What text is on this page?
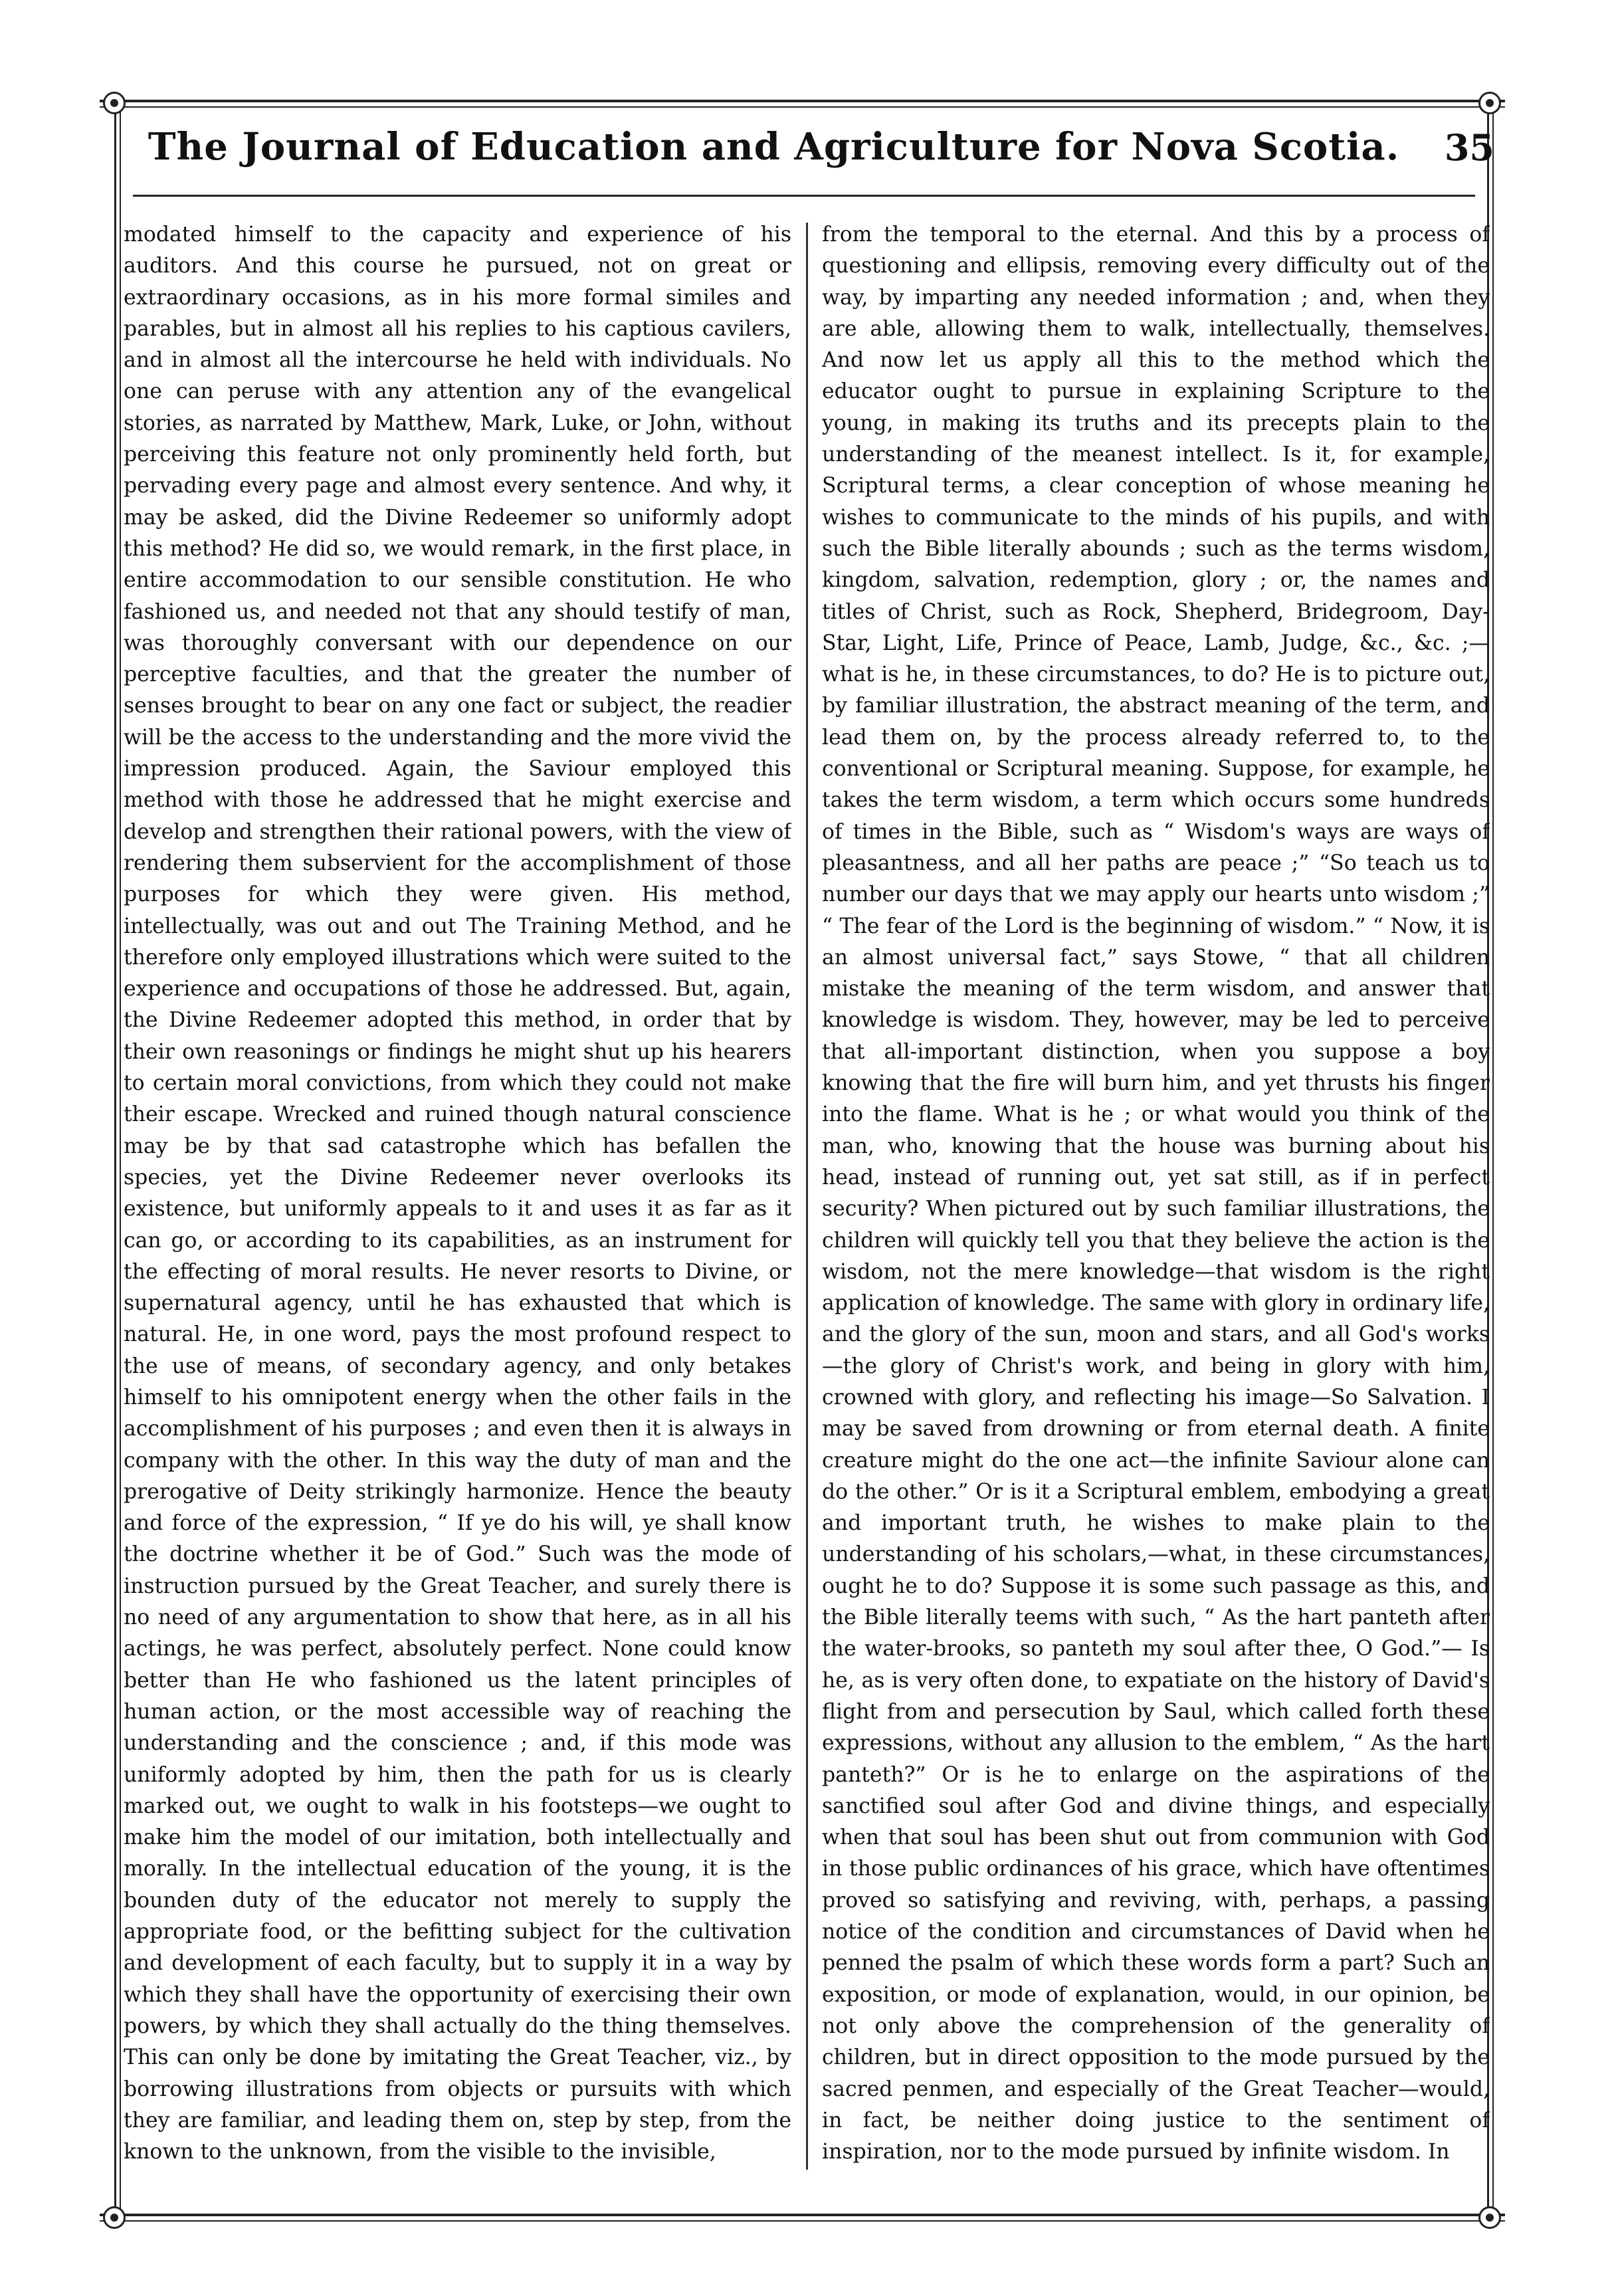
The Journal of Education and Agriculture for Nova Scotia.	35

modated himself to the capacity and experience of his auditors. And this course he pursued, not on great or extraordinary occasions, as in his more formal similes and parables, but in almost all his replies to his captious cavilers, and in almost all the intercourse he held with individuals. No one can peruse with any attention any of the evangelical stories, as narrated by Matthew, Mark, Luke, or John, without perceiving this feature not only prominently held forth, but pervading every page and almost every sentence. And why, it may be asked, did the Divine Redeemer so uniformly adopt this method? He did so, we would remark, in the first place, in entire accommodation to our sensible constitution. He who fashioned us, and needed not that any should testify of man, was thoroughly conversant with our dependence on our perceptive faculties, and that the greater the number of senses brought to bear on any one fact or subject, the readier will be the access to the understanding and the more vivid the impression produced. Again, the Saviour employed this method with those he addressed that he might exercise and develop and strengthen their rational powers, with the view of rendering them subservient for the accomplishment of those purposes for which they were given. His method, intellectually, was out and out The Training Method, and he therefore only employed illustrations which were suited to the experience and occupations of those he addressed. But, again, the Divine Redeemer adopted this method, in order that by their own reasonings or findings he might shut up his hearers to certain moral convictions, from which they could not make their escape. Wrecked and ruined though natural conscience may be by that sad catastrophe which has befallen the species, yet the Divine Redeemer never overlooks its existence, but uniformly appeals to it and uses it as far as it can go, or according to its capabilities, as an instrument for the effecting of moral results. He never resorts to Divine, or supernatural agency, until he has exhausted that which is natural. He, in one word, pays the most profound respect to the use of means, of secondary agency, and only betakes himself to his omnipotent energy when the other fails in the accomplishment of his purposes ; and even then it is always in company with the other. In this way the duty of man and the prerogative of Deity strikingly harmonize. Hence the beauty and force of the expression, “ If ye do his will, ye shall know the doctrine whether it be of God.” Such was the mode of instruction pursued by the Great Teacher, and surely there is no need of any argumentation to show that here, as in all his actings, he was perfect, absolutely perfect. None could know better than He who fashioned us the latent principles of human action, or the most accessible way of reaching the understanding and the conscience ; and, if this mode was uniformly adopted by him, then the path for us is clearly marked out, we ought to walk in his footsteps—we ought to make him the model of our imitation, both intellectually and morally. In the intellectual education of the young, it is the bounden duty of the educator not merely to supply the appropriate food, or the befitting subject for the cultivation and development of each faculty, but to supply it in a way by which they shall have the opportunity of exercising their own powers, by which they shall actually do the thing themselves. This can only be done by imitating the Great Teacher, viz., by borrowing illustrations from objects or pursuits with which they are familiar, and leading them on, step by step, from the known to the unknown, from the visible to the invisible,

from the temporal to the eternal. And this by a process of questioning and ellipsis, removing every difficulty out of the way, by imparting any needed information ; and, when they are able, allowing them to walk, intellectually, themselves. And now let us apply all this to the method which the educator ought to pursue in explaining Scripture to the young, in making its truths and its precepts plain to the understanding of the meanest intellect. Is it, for example, Scriptural terms, a clear conception of whose meaning he wishes to communicate to the minds of his pupils, and with such the Bible literally abounds ; such as the terms wisdom, kingdom, salvation, redemption, glory ; or, the names and titles of Christ, such as Rock, Shepherd, Bridegroom, Day-Star, Light, Life, Prince of Peace, Lamb, Judge, &c., &c. ;—what is he, in these circumstances, to do? He is to picture out, by familiar illustration, the abstract meaning of the term, and lead them on, by the process already referred to, to the conventional or Scriptural meaning. Suppose, for example, he takes the term wisdom, a term which occurs some hundreds of times in the Bible, such as “ Wisdom's ways are ways of pleasantness, and all her paths are peace ;” “So teach us to number our days that we may apply our hearts unto wisdom ;” “ The fear of the Lord is the beginning of wisdom.” “ Now, it is an almost universal fact,” says Stowe, “ that all children mistake the meaning of the term wisdom, and answer that knowledge is wisdom. They, however, may be led to perceive that all-important distinction, when you suppose a boy knowing that the fire will burn him, and yet thrusts his finger into the flame. What is he ; or what would you think of the man, who, knowing that the house was burning about his head, instead of running out, yet sat still, as if in perfect security? When pictured out by such familiar illustrations, the children will quickly tell you that they believe the action is the wisdom, not the mere knowledge—that wisdom is the right application of knowledge. The same with glory in ordinary life, and the glory of the sun, moon and stars, and all God's works—the glory of Christ's work, and being in glory with him, crowned with glory, and reflecting his image—So Salvation. I may be saved from drowning or from eternal death. A finite creature might do the one act—the infinite Saviour alone can do the other.” Or is it a Scriptural emblem, embodying a great and important truth, he wishes to make plain to the understanding of his scholars,—what, in these circumstances, ought he to do? Suppose it is some such passage as this, and the Bible literally teems with such, “ As the hart panteth after the water-brooks, so panteth my soul after thee, O God.”— Is he, as is very often done, to expatiate on the history of David's flight from and persecution by Saul, which called forth these expressions, without any allusion to the emblem, “ As the hart panteth?” Or is he to enlarge on the aspirations of the sanctified soul after God and divine things, and especially when that soul has been shut out from communion with God in those public ordinances of his grace, which have oftentimes proved so satisfying and reviving, with, perhaps, a passing notice of the condition and circumstances of David when he penned the psalm of which these words form a part? Such an exposition, or mode of explanation, would, in our opinion, be not only above the comprehension of the generality of children, but in direct opposition to the mode pursued by the sacred penmen, and especially of the Great Teacher—would, in fact, be neither doing justice to the sentiment of inspiration, nor to the mode pursued by infinite wisdom. In
